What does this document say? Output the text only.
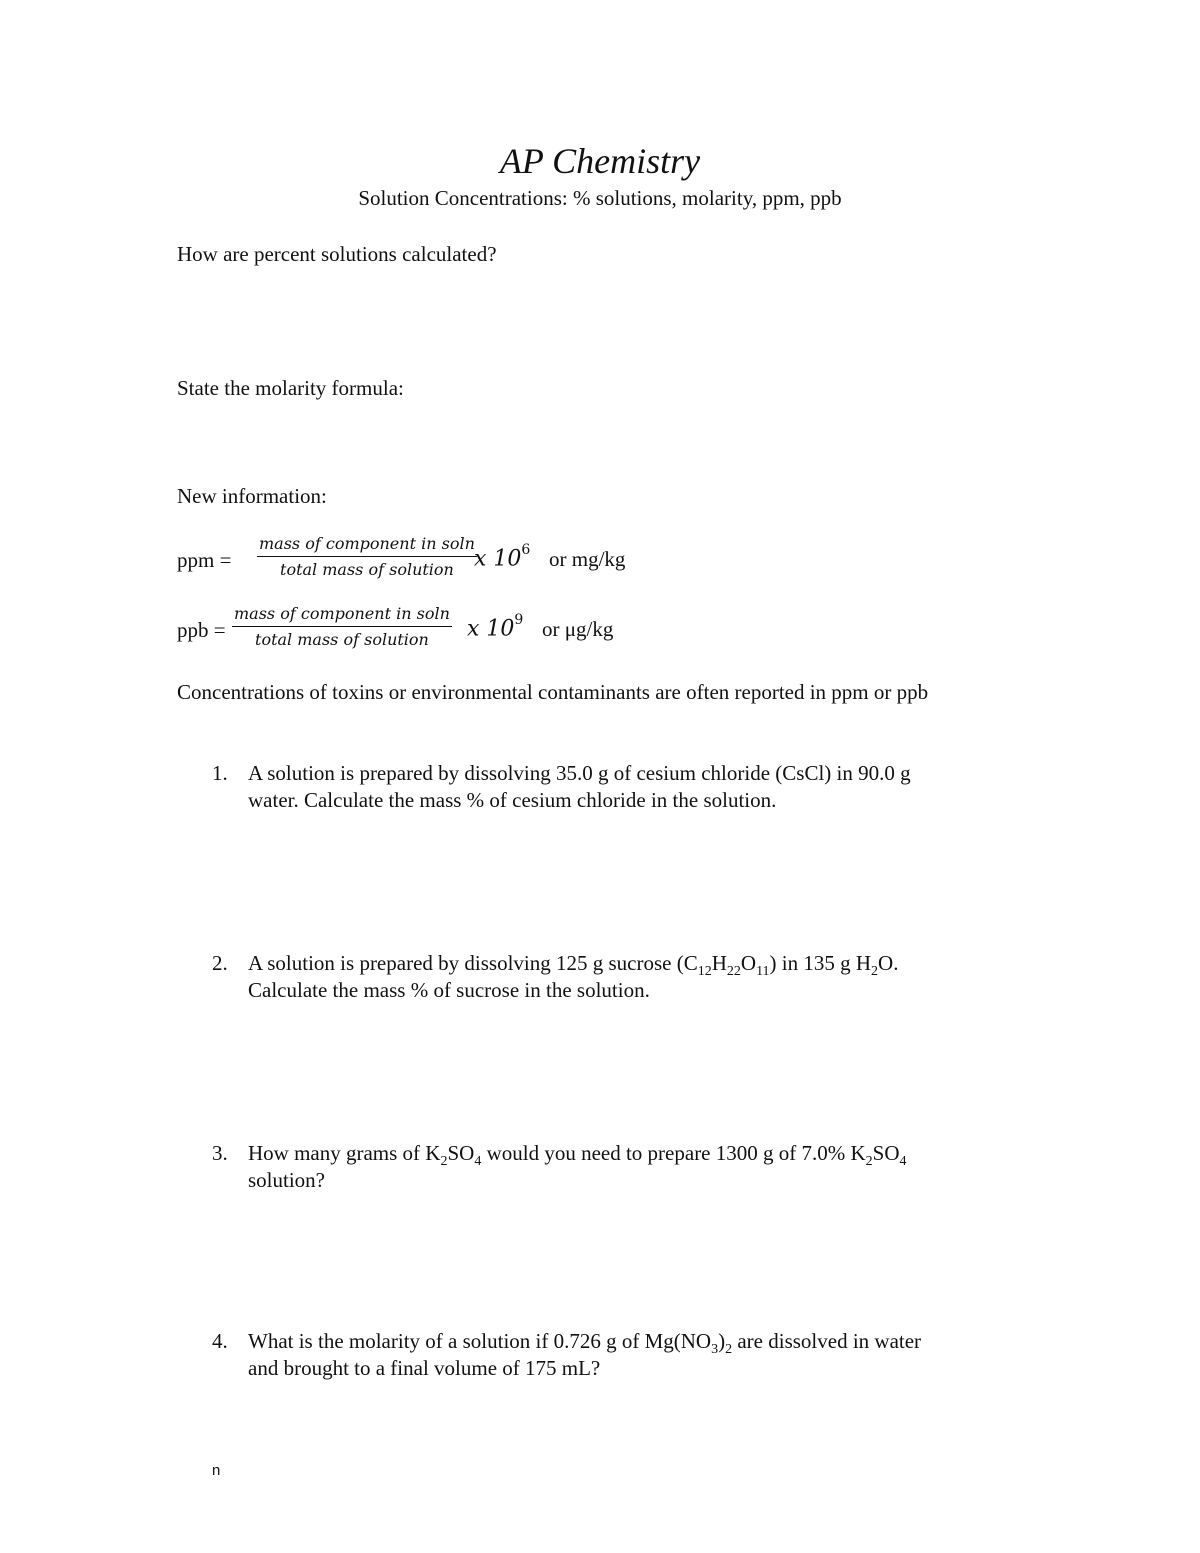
AP Chemistry
Solution Concentrations: % solutions, molarity, ppm, ppb
How are percent solutions calculated?
State the molarity formula:
New information:
ppm =
mass of component in soln
total mass of solution x $10^6$ or mg/kg
ppb =
mass of component in soln
total mass of solution x $10^9$ or μg/kg
Concentrations of toxins or environmental contaminants are often reported in ppm or ppb
1. A solution is prepared by dissolving 35.0 g of cesium chloride (CsCl) in 90.0 g
water. Calculate the mass % of cesium chloride in the solution.
2. A solution is prepared by dissolving 125 g sucrose $(C_{12}H_{22}O_{11})$ in 135 g $H_2O$.
Calculate the mass % of sucrose in the solution.
3. How many grams of $K_2SO_4$ would you need to prepare 1300 g of 7.0% $K_2SO_4$
solution?
4. What is the molarity of a solution if 0.726 g of $Mg(NO_3)_2$ are dissolved in water
and brought to a final volume of 175 mL?
n
